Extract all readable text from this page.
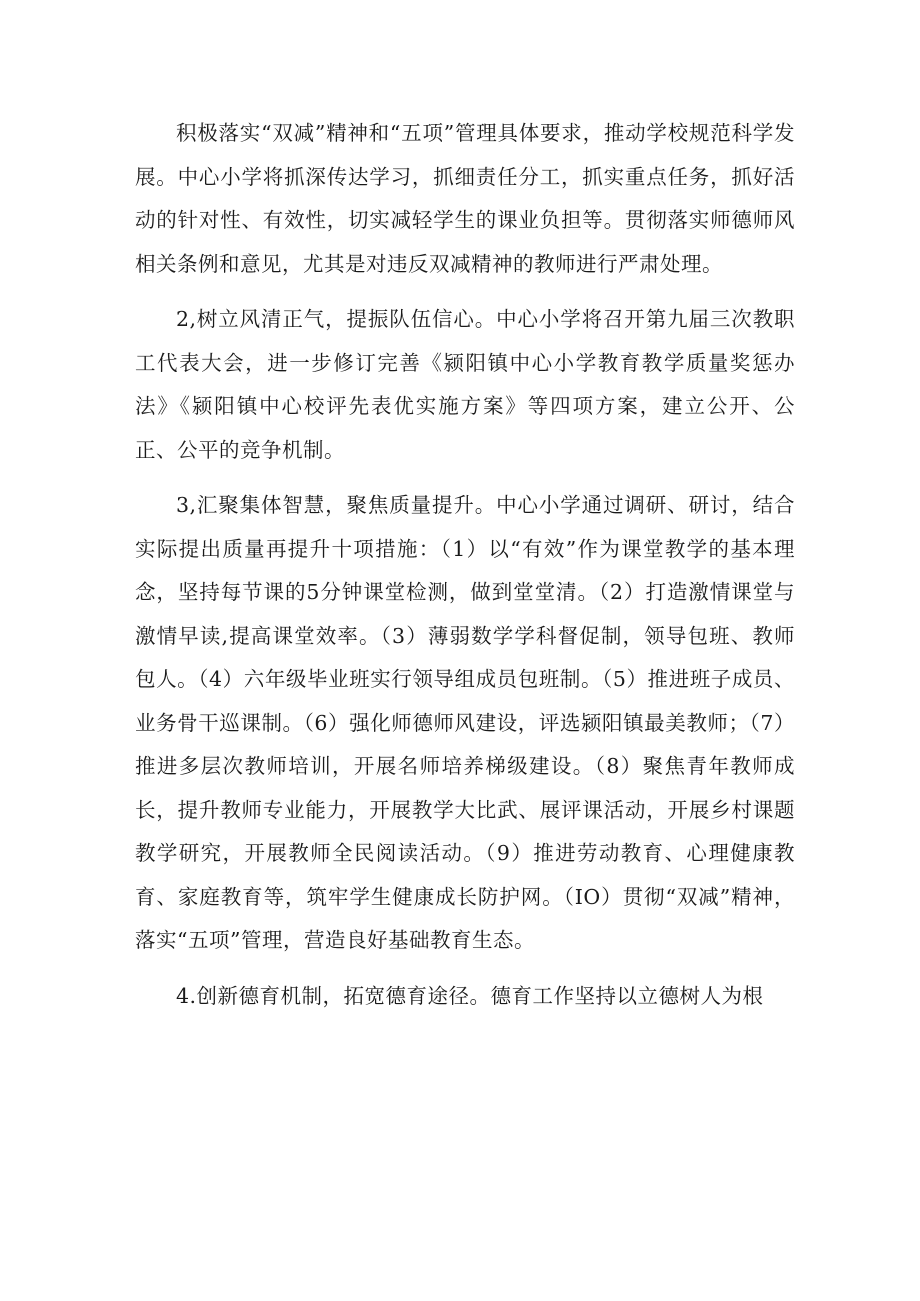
积极落实“双减”精神和“五项”管理具体要求，推动学校规范科学发展。中心小学将抓深传达学习，抓细责任分工，抓实重点任务，抓好活动的针对性、有效性，切实减轻学生的课业负担等。贯彻落实师德师风相关条例和意见，尤其是对违反双减精神的教师进行严肃处理。

2,树立风清正气，提振队伍信心。中心小学将召开第九届三次教职工代表大会，进一步修订完善《颍阳镇中心小学教育教学质量奖惩办法》《颍阳镇中心校评先表优实施方案》等四项方案，建立公开、公正、公平的竞争机制。

3,汇聚集体智慧，聚焦质量提升。中心小学通过调研、研讨，结合实际提出质量再提升十项措施：（1）以“有效”作为课堂教学的基本理念，坚持每节课的5分钟课堂检测，做到堂堂清。（2）打造激情课堂与激情早读,提高课堂效率。（3）薄弱数学学科督促制，领导包班、教师包人。（4）六年级毕业班实行领导组成员包班制。（5）推进班子成员、业务骨干巡课制。（6）强化师德师风建设，评选颍阳镇最美教师；（7）推进多层次教师培训，开展名师培养梯级建设。（8）聚焦青年教师成长，提升教师专业能力，开展教学大比武、展评课活动，开展乡村课题教学研究，开展教师全民阅读活动。（9）推进劳动教育、心理健康教育、家庭教育等，筑牢学生健康成长防护网。（IO）贯彻“双减”精神，落实“五项”管理，营造良好基础教育生态。

4.创新德育机制，拓宽德育途径。德育工作坚持以立德树人为根
